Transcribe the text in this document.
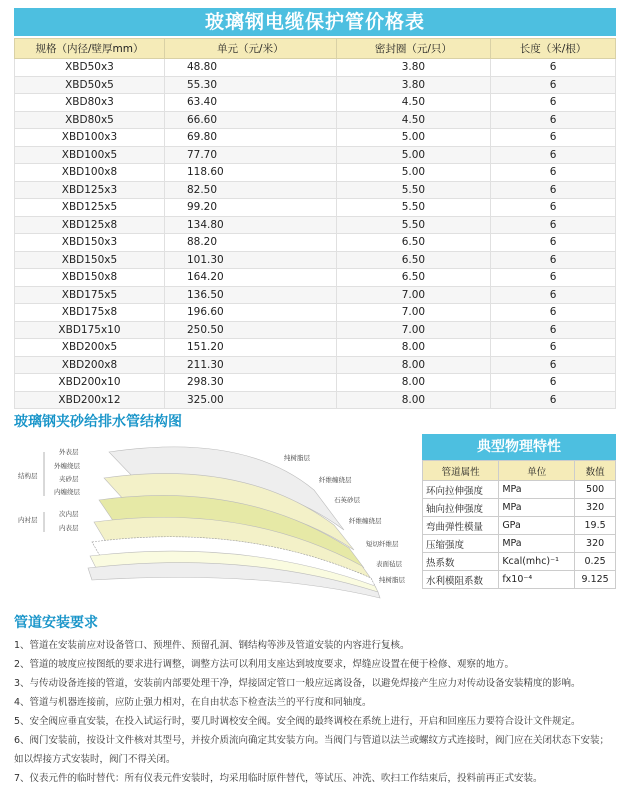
玻璃钢电缆保护管价格表
规格（内径/壁厚mm）	单元（元/米）	密封圈（元/只）	长度（米/根）
XBD50x3	48.80	3.80	6
XBD50x5	55.30	3.80	6
XBD80x3	63.40	4.50	6
XBD80x5	66.60	4.50	6
XBD100x3	69.80	5.00	6
XBD100x5	77.70	5.00	6
XBD100x8	118.60	5.00	6
XBD125x3	82.50	5.50	6
XBD125x5	99.20	5.50	6
XBD125x8	134.80	5.50	6
XBD150x3	88.20	6.50	6
XBD150x5	101.30	6.50	6
XBD150x8	164.20	6.50	6
XBD175x5	136.50	7.00	6
XBD175x8	196.60	7.00	6
XBD175x10	250.50	7.00	6
XBD200x5	151.20	8.00	6
XBD200x8	211.30	8.00	6
XBD200x10	298.30	8.00	6
XBD200x12	325.00	8.00	6
玻璃钢夹砂给排水管结构图
外表层
外缠绕层
夹砂层
内缠绕层
次内层
内表层
结构层
内衬层
纯树脂层
纤维缠绕层
石英砂层
纤维缠绕层
短切纤维层
表面毡层
纯树脂层
典型物理特性
管道属性	单位	数值
环向拉伸强度	MPa	500
轴向拉伸强度	MPa	320
弯曲弹性模量	GPa	19.5
压缩强度	MPa	320
热系数	Kcal(mhc)⁻¹	0.25
水利模阻系数	fx10⁻⁴	9.125
管道安装要求

1、管道在安装前应对设备管口、预埋件、预留孔洞、钢结构等涉及管道安装的内容进行复核。

2、管道的坡度应按图纸的要求进行调整，调整方法可以利用支座达到坡度要求，焊缝应设置在便于检修、观察的地方。

3、与传动设备连接的管道，安装前内部要处理干净，焊接固定管口一般应远离设备，以避免焊接产生应力对传动设备安装精度的影响。

4、管道与机器连接前，应防止强力相对，在自由状态下检查法兰的平行度和同轴度。

5、安全阀应垂直安装，在投入试运行时，要几时调校安全阀。安全阀的最终调校在系统上进行，开启和回座压力要符合设计文件规定。

6、阀门安装前，按设计文件核对其型号，并按介质流向确定其安装方向。当阀门与管道以法兰或螺纹方式连接时，阀门应在关闭状态下安装；如以焊接方式安装时，阀门不得关闭。

7、仪表元件的临时替代：所有仪表元件安装时，均采用临时原件替代，等试压、冲洗、吹扫工作结束后，投料前再正式安装。
